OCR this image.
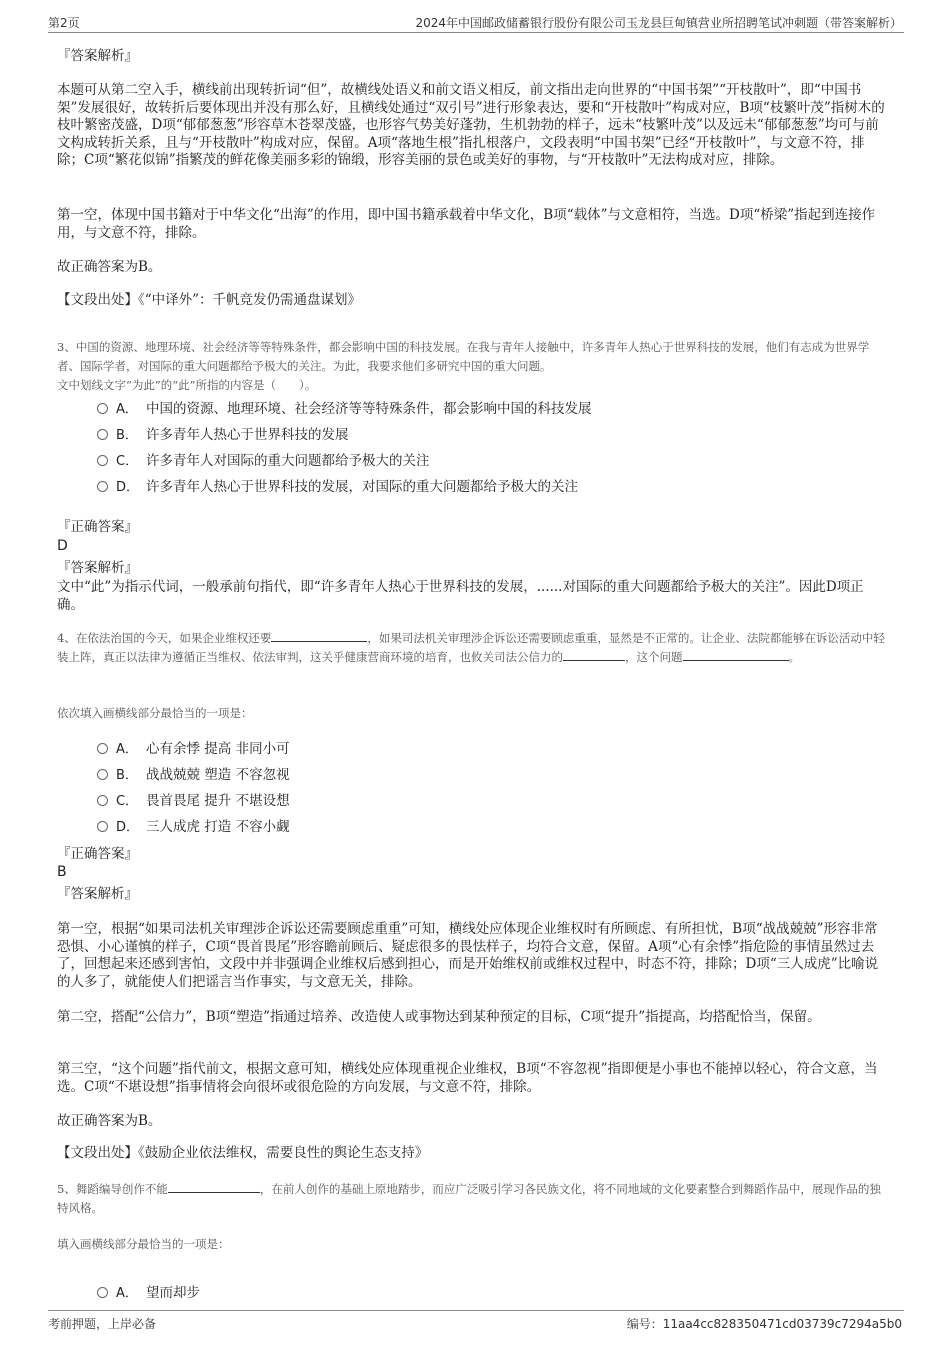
第2页	2024年中国邮政储蓄银行股份有限公司玉龙县巨甸镇营业所招聘笔试冲刺题（带答案解析）
『答案解析』
本题可从第二空入手，横线前出现转折词“但”，故横线处语义和前文语义相反，前文指出走向世界的“中国书架”“开枝散叶”，即“中国书架”发展很好，故转折后要体现出并没有那么好，且横线处通过“双引号”进行形象表达，要和“开枝散叶”构成对应，B项“枝繁叶茂”指树木的枝叶繁密茂盛，D项“郁郁葱葱”形容草木苍翠茂盛，也形容气势美好蓬勃，生机勃勃的样子，远未“枝繁叶茂”以及远未“郁郁葱葱”均可与前文构成转折关系，且与“开枝散叶”构成对应，保留。A项“落地生根”指扎根落户，文段表明“中国书架”已经“开枝散叶”，与文意不符，排除；C项“繁花似锦”指繁茂的鲜花像美丽多彩的锦缎，形容美丽的景色或美好的事物，与“开枝散叶”无法构成对应，排除。
第一空，体现中国书籍对于中华文化“出海”的作用，即中国书籍承载着中华文化，B项“载体”与文意相符，当选。D项“桥梁”指起到连接作用，与文意不符，排除。
故正确答案为B。
【文段出处】《“中译外”：千帆竞发仍需通盘谋划》
3、中国的资源、地理环境、社会经济等等特殊条件，都会影响中国的科技发展。在我与青年人接触中，许多青年人热心于世界科技的发展，他们有志成为世界学者、国际学者，对国际的重大问题都给予极大的关注。为此，我要求他们多研究中国的重大问题。
文中划线文字“为此”的“此”所指的内容是（　　）。
A． 中国的资源、地理环境、社会经济等等特殊条件，都会影响中国的科技发展
B． 许多青年人热心于世界科技的发展
C． 许多青年人对国际的重大问题都给予极大的关注
D． 许多青年人热心于世界科技的发展，对国际的重大问题都给予极大的关注
『正确答案』
D
『答案解析』
文中“此”为指示代词，一般承前句指代，即“许多青年人热心于世界科技的发展，......对国际的重大问题都给予极大的关注”。因此D项正确。
4、在依法治国的今天，如果企业维权还要	，如果司法机关审理涉企诉讼还需要顾虑重重，显然是不正常的。让企业、法院都能够在诉讼活动中轻装上阵，真正以法律为遵循正当维权、依法审判，这关乎健康营商环境的培育，也攸关司法公信力的	，这个问题	。
依次填入画横线部分最恰当的一项是：
A． 心有余悸 提高 非同小可
B． 战战兢兢 塑造 不容忽视
C． 畏首畏尾 提升 不堪设想
D． 三人成虎 打造 不容小觑
『正确答案』
B
『答案解析』
第一空，根据“如果司法机关审理涉企诉讼还需要顾虑重重”可知，横线处应体现企业维权时有所顾虑、有所担忧，B项“战战兢兢”形容非常恐惧、小心谨慎的样子，C项“畏首畏尾”形容瞻前顾后、疑虑很多的畏怯样子，均符合文意，保留。A项“心有余悸”指危险的事情虽然过去了，回想起来还感到害怕，文段中并非强调企业维权后感到担心，而是开始维权前或维权过程中，时态不符，排除；D项“三人成虎”比喻说的人多了，就能使人们把谣言当作事实，与文意无关，排除。
第二空，搭配“公信力”，B项“塑造”指通过培养、改造使人或事物达到某种预定的目标，C项“提升”指提高，均搭配恰当，保留。
第三空，“这个问题”指代前文，根据文意可知，横线处应体现重视企业维权，B项“不容忽视”指即便是小事也不能掉以轻心，符合文意，当选。C项“不堪设想”指事情将会向很坏或很危险的方向发展，与文意不符，排除。
故正确答案为B。
【文段出处】《鼓励企业依法维权，需要良性的舆论生态支持》
5、舞蹈编导创作不能	，在前人创作的基础上原地踏步，而应广泛吸引学习各民族文化，将不同地域的文化要素整合到舞蹈作品中，展现作品的独特风格。
填入画横线部分最恰当的一项是：
A． 望而却步
考前押题，上岸必备	编号：11aa4cc828350471cd03739c7294a5b0
